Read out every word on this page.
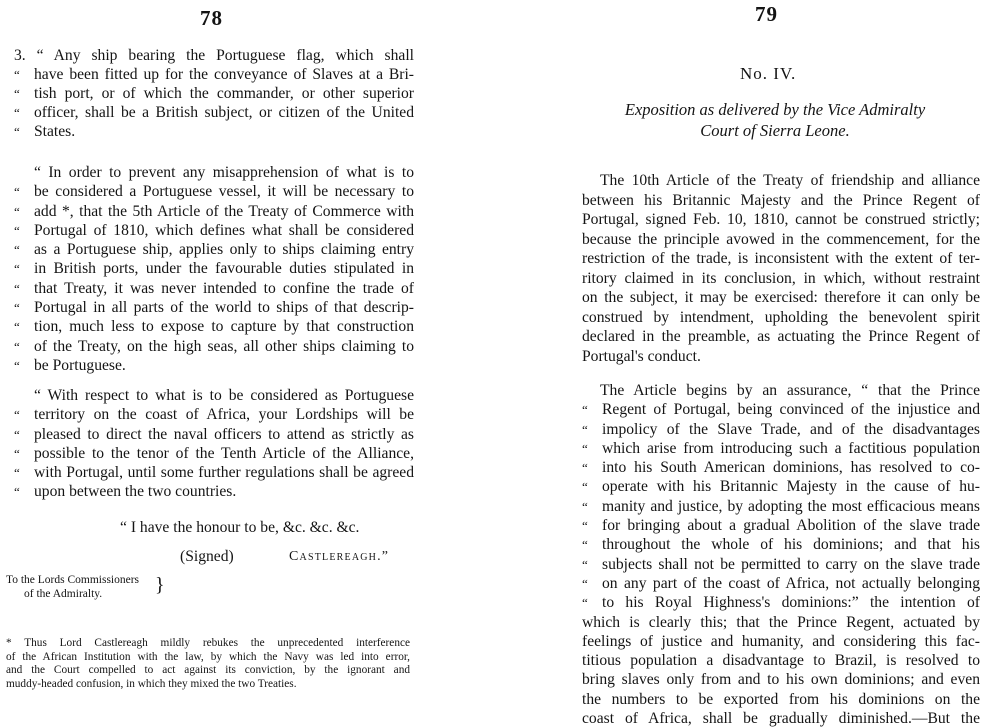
78
3. “ Any ship bearing the Portuguese flag, which shall
“ have been fitted up for the conveyance of Slaves at a Bri-
“ tish port, or of which the commander, or other superior
“ officer, shall be a British subject, or citizen of the United
“ States.
“ In order to prevent any misapprehension of what is to
“ be considered a Portuguese vessel, it will be necessary to
“ add *, that the 5th Article of the Treaty of Commerce with
“ Portugal of 1810, which defines what shall be considered
“ as a Portuguese ship, applies only to ships claiming entry
“ in British ports, under the favourable duties stipulated in
“ that Treaty, it was never intended to confine the trade of
“ Portugal in all parts of the world to ships of that descrip-
“ tion, much less to expose to capture by that construction
“ of the Treaty, on the high seas, all other ships claiming to
“ be Portuguese.
“ With respect to what is to be considered as Portuguese
“ territory on the coast of Africa, your Lordships will be
“ pleased to direct the naval officers to attend as strictly as
“ possible to the tenor of the Tenth Article of the Alliance,
“ with Portugal, until some further regulations shall be agreed
“ upon between the two countries.
“ I have the honour to be, &c. &c. &c.
(Signed)	Castlereagh.”
To the Lords Commissioners
of the Admiralty.	}
* Thus Lord Castlereagh mildly rebukes the unprecedented interference
of the African Institution with the law, by which the Navy was led into error,
and the Court compelled to act against its conviction, by the ignorant and
muddy-headed confusion, in which they mixed the two Treaties.
79
No. IV.
Exposition as delivered by the Vice Admiralty
Court of Sierra Leone.
The 10th Article of the Treaty of friendship and alliance
between his Britannic Majesty and the Prince Regent of
Portugal, signed Feb. 10, 1810, cannot be construed strictly;
because the principle avowed in the commencement, for the
restriction of the trade, is inconsistent with the extent of ter-
ritory claimed in its conclusion, in which, without restraint
on the subject, it may be exercised: therefore it can only be
construed by intendment, upholding the benevolent spirit
declared in the preamble, as actuating the Prince Regent of
Portugal's conduct.
The Article begins by an assurance, “ that the Prince
“ Regent of Portugal, being convinced of the injustice and
“ impolicy of the Slave Trade, and of the disadvantages
“ which arise from introducing such a factitious population
“ into his South American dominions, has resolved to co-
“ operate with his Britannic Majesty in the cause of hu-
“ manity and justice, by adopting the most efficacious means
“ for bringing about a gradual Abolition of the slave trade
“ throughout the whole of his dominions; and that his
“ subjects shall not be permitted to carry on the slave trade
“ on any part of the coast of Africa, not actually belonging
“ to his Royal Highness's dominions:” the intention of
which is clearly this; that the Prince Regent, actuated by
feelings of justice and humanity, and considering this fac-
titious population a disadvantage to Brazil, is resolved to
bring slaves only from and to his own dominions; and even
the numbers to be exported from his dominions on the
coast of Africa, shall be gradually diminished.—But the
